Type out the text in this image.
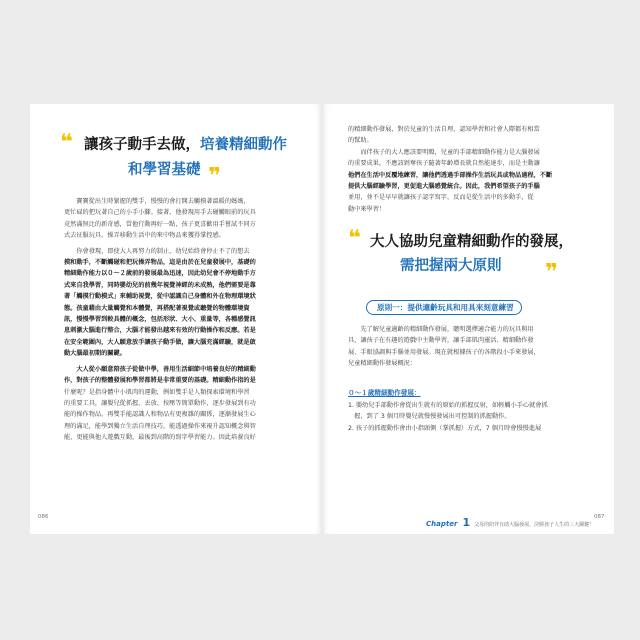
❝ 讓孩子動手去做，培養精細動作
和學習基礎 ❞
　　寶寶從出生時緊握的雙手，慢慢的會打開去觸摸著溫暖的媽媽，
更忙碌的把玩著自己的小手小腳。接著，他發現用手去碰觸眼前的玩具
竟然滿無比的新奇感，當他行動再好一點，孩子更喜歡用手嘗試不同方
式去征服玩具、操弄移動生活中的來中物品來獲得掌控感。
　　你會發現，即使大人再努力的制止，幼兒始終會停止不了的想去
摸和動手，不斷觸碰和把玩操弄物品，這是由於在兒童發展中，基礎的
精細動作能力以０～２歲前的發展最為迅速，因此幼兒會不停地動手方
式來自我學習，同時嬰幼兒的前幾年視覺神經的未成熟，他們需要是靠
著「觸摸行動模式」來輔助視覺，從中認識自己身體和外在物理環境狀
態。孩童藉由大量觸覺和本體覺，再搭配著視覺或聽覺的物體環境資
訊，慢慢學習到較具體的概念，包括形狀、大小、重量等，各種感覺訊
息刺激大腦進行整合，大腦才能發出越來有效的行動操作和反應。若是
在安全範圍內，大人願意放手讓孩子動手做，讓大腦充滿經驗，就是啟
動大腦最初期的關鍵。
　　大人從小願意陪孩子從做中學，善用生活細節中培養良好的精細動
作，對孩子的整體發展和學習都將是非常重要的基礎。精細動作指的是
什麼呢？是指身體中小肌肉的運動，例如雙手是人類探索環境和學習
的重要工具，讓嬰兒從抓握、丟放、按壓等簡單動作，逐步發展到有功
能的操作物品。再雙手能認識人和物品有更複雜的關係，逐漸發展生心
理的滿足，能學到獨立生活自理技巧，能透過操作來視升認知概念與智
能，更能與他人遊戲互動，最後到高階的寫字學習能力。因此培養良好
086
的精細動作發展，對於兒童的生活自理、認知學習和社會人際都有相當
的幫助。
　　而伴孩子的大人應該要明瞭，兒童的手部精細動作能力是大腦發展
的重要成果，不應該剝奪孩子隨著年齡增長就自然能達步，而是主動讓
他們在生活中反覆地練習，讓他們透過手部操作生活玩具或物品過程，不斷
提供大腦經驗學習，更促進大腦感覺統合。因此，我們希望孩子的手腦
並用，並不是早早就讓孩子認字寫字，反而是從生活中的多動手，從
動中來學習！
❝ 大人協助兒童精細動作的發展，
需把握兩大原則 ❞
原則一：提供適齡玩具和用具來刻意練習
　　先了解兒童適齡的精細動作發展，聰明選擇適合能力的玩具與用
具，讓孩子在有趣的遊戲中主動學習，讓手部肌肉靈活、精細動作發
展、手眼協調與手腦並用發展。現在就根據孩子的各階段小手來發展，
兒童精細動作發展概況：
０～１歲精細動作發展：
1. 嬰幼兒手部動作會從出生就有的原始的抓握反射，如輕觸小手心就會抓
　握，到了 3 個月時嬰兒就慢慢發展出可控制的抓握動作。
2. 孩子的抓握動作會由小指頭側（掌抓握）方式，7 個月時會慢慢進展
Chapter 1 父母的陪伴有助大腦發展，決勝孩子人生的三大關鍵！
087
